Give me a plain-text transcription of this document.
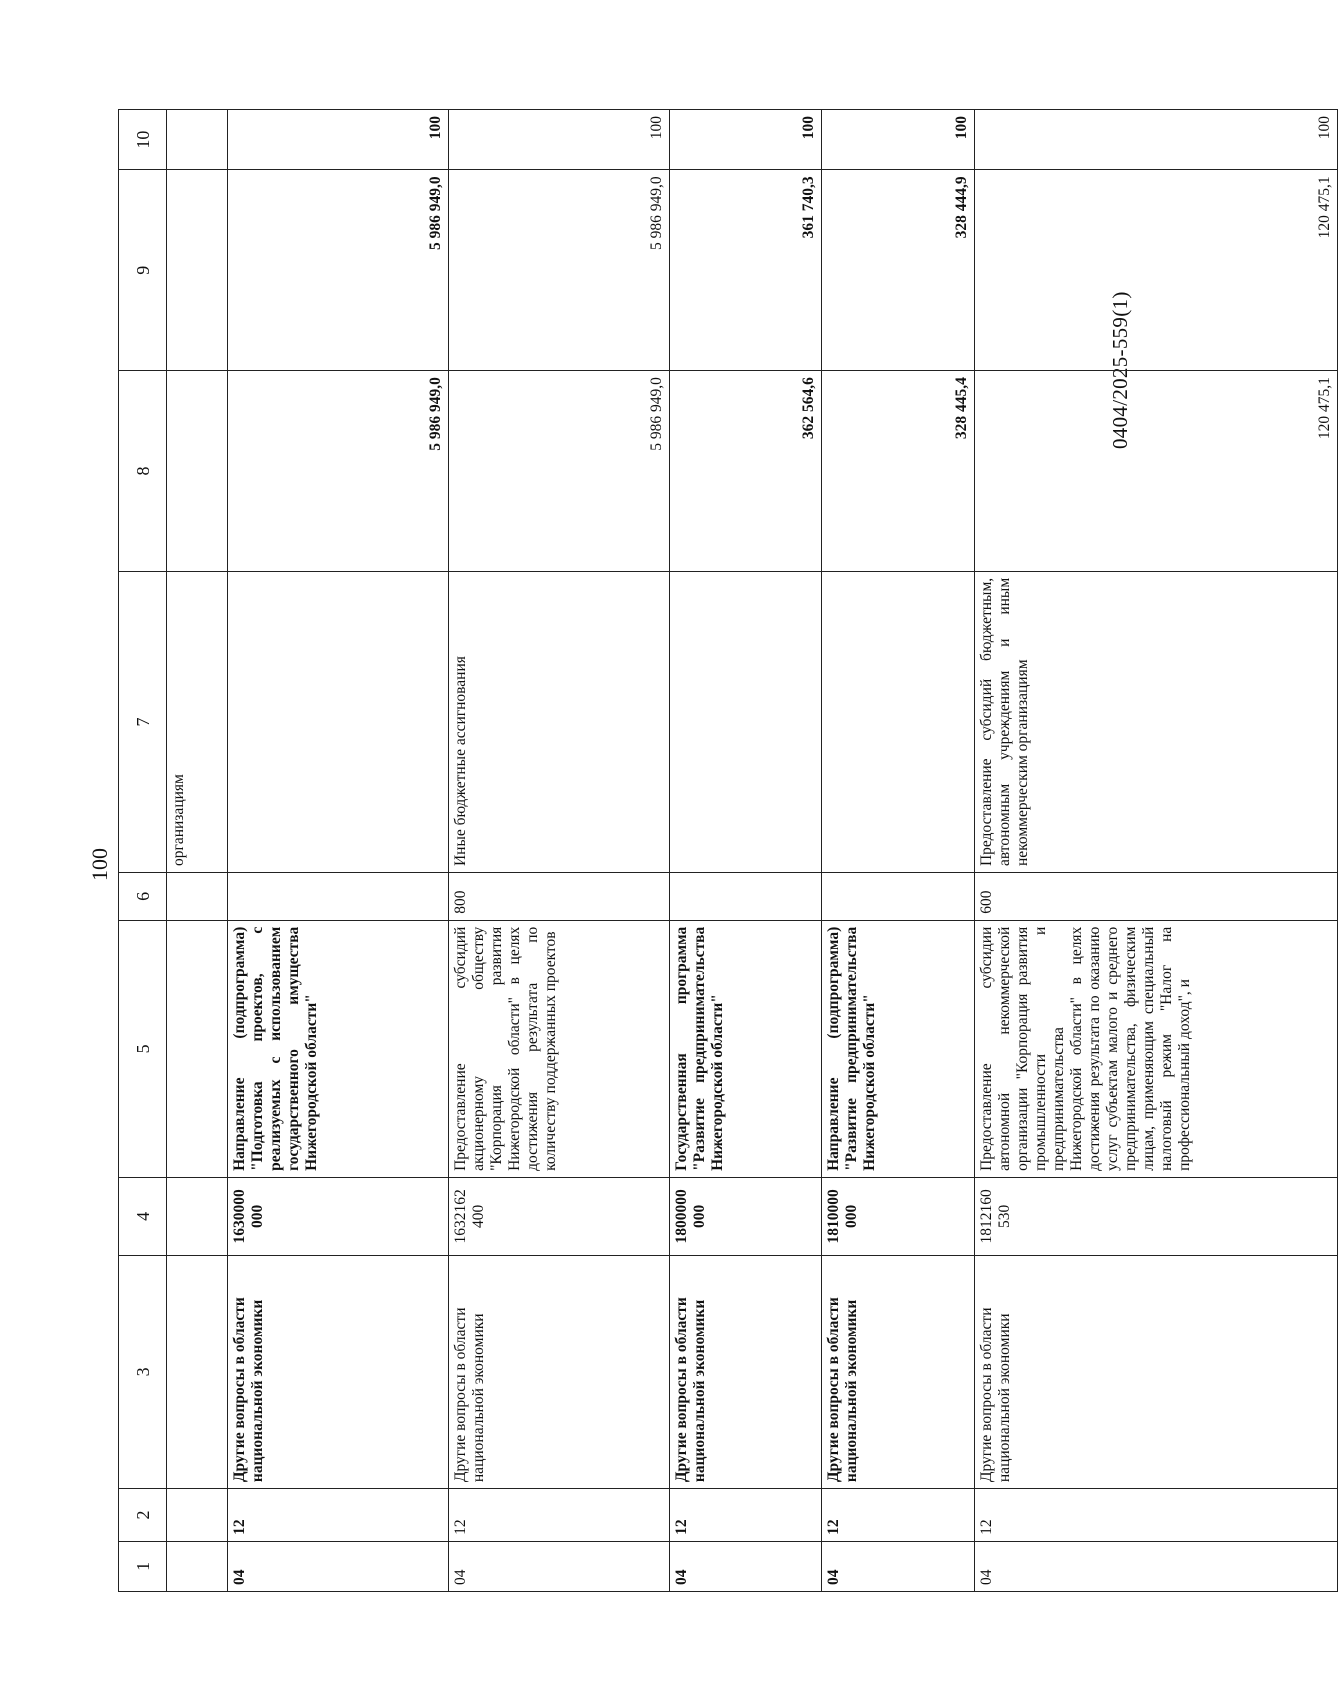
100
0404/2025-559(1)
1	2	3	4	5	6	7	8	9	10
						организациям			
04	12	Другие вопросы в области национальной экономики	1630000 000	Направление (подпрограмма) "Подготовка проектов, с реализуемых с использованием государственного имущества Нижегородской области"			5 986 949,0	5 986 949,0	100
04	12	Другие вопросы в области национальной экономики	1632162 400	Предоставление субсидий акционерному обществу "Корпорация развития Нижегородской области" в целях достижения результата по количеству поддержанных проектов	800	Иные бюджетные ассигнования	5 986 949,0	5 986 949,0	100
04	12	Другие вопросы в области национальной экономики	1800000 000	Государственная программа "Развитие предпринимательства Нижегородской области"			362 564,6	361 740,3	100
04	12	Другие вопросы в области национальной экономики	1810000 000	Направление (подпрограмма) "Развитие предпринимательства Нижегородской области"			328 445,4	328 444,9	100
04	12	Другие вопросы в области национальной экономики	1812160 530	Предоставление субсидии автономной некоммерческой организации "Корпорация развития промышленности и предпринимательства Нижегородской области" в целях достижения результата по оказанию услуг субъектам малого и среднего предпринимательства, физическим лицам, применяющим специальный налоговый режим "Налог на профессиональный доход", и	600	Предоставление субсидий бюджетным, автономным учреждениям и иным некоммерческим организациям	120 475,1	120 475,1	100
